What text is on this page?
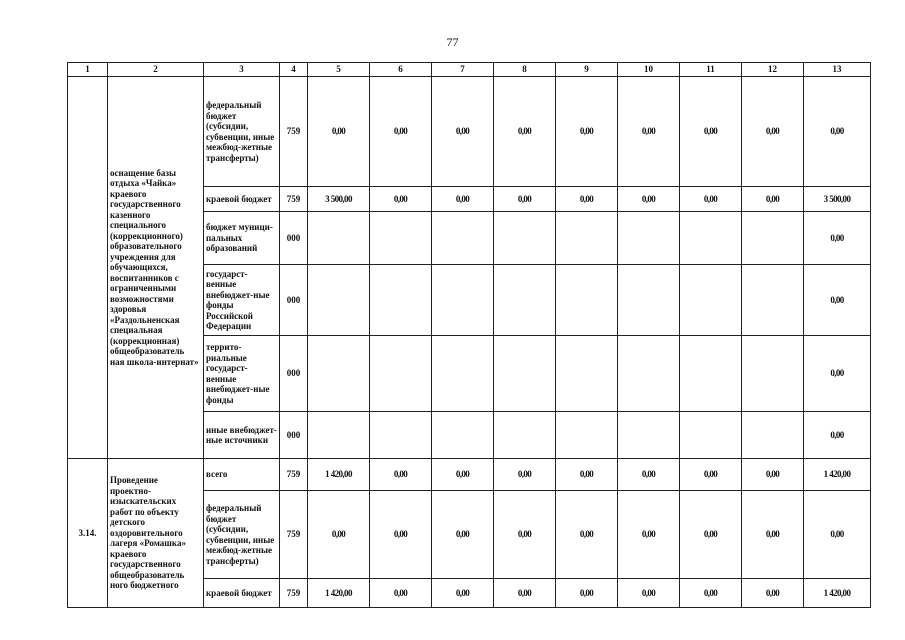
77
1	2	3	4	5	6	7	8	9	10	11	12	13
	оснащение базы отдыха «Чайка» краевого государственного казенного специального (коррекционного) образовательного учреждения для обучающихся, воспитанников с ограниченными возможностями здоровья «Раздольненская специальная (коррекционная) общеобразователь ная школа-интернат»	федеральный бюджет (субсидии, субвенции, иные межбюд-жетные трансферты)	759	0,00	0,00	0,00	0,00	0,00	0,00	0,00	0,00	0,00
		краевой бюджет	759	3 500,00	0,00	0,00	0,00	0,00	0,00	0,00	0,00	3 500,00
		бюджет муници-пальных образований	000									0,00
		государст-венные внебюджет-ные фонды Российской Федерации	000									0,00
		террито-риальные государст-венные внебюджет-ные фонды	000									0,00
		иные внебюджет-ные источники	000									0,00
3.14.	Проведение проектно-изыскательских работ по объекту детского оздоровительного лагеря «Ромашка» краевого государственного общеобразователь ного бюджетного	всего	759	1 420,00	0,00	0,00	0,00	0,00	0,00	0,00	0,00	1 420,00
		федеральный бюджет (субсидии, субвенции, иные межбюд-жетные трансферты)	759	0,00	0,00	0,00	0,00	0,00	0,00	0,00	0,00	0,00
		краевой бюджет	759	1 420,00	0,00	0,00	0,00	0,00	0,00	0,00	0,00	1 420,00
